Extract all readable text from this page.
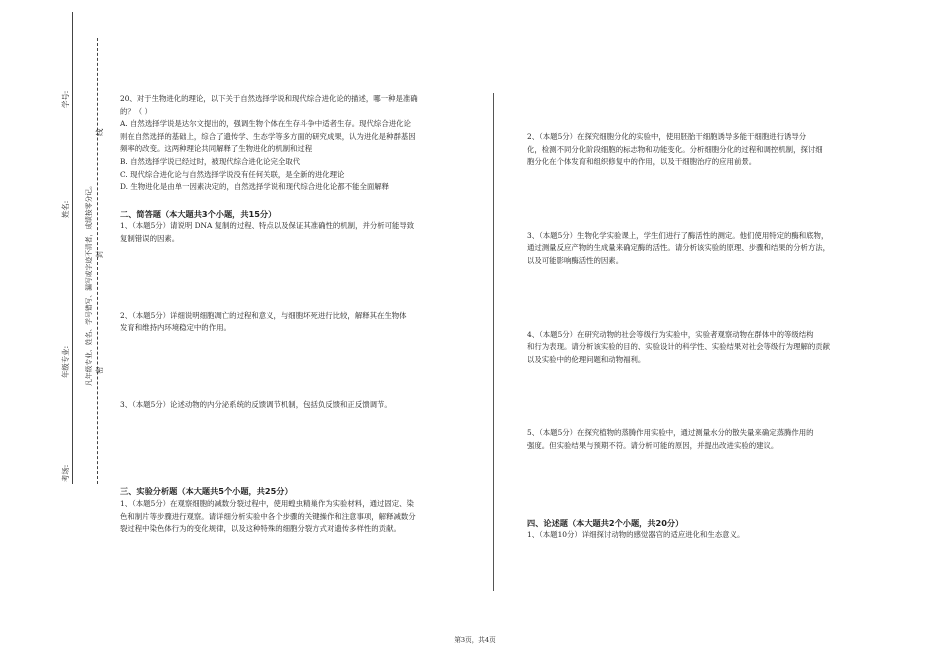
学号:
姓名:
年级专业:
考场:
凡年级专业、姓名、学号错写、漏写或字迹不清者，成绩按零分记。 密
封
线

20、对于生物进化的理论，以下关于自然选择学说和现代综合进化论的描述，哪一种是准确

的？（ ）

A. 自然选择学说是达尔文提出的，强调生物个体在生存斗争中适者生存。现代综合进化论

则在自然选择的基础上，综合了遗传学、生态学等多方面的研究成果，认为进化是种群基因

频率的改变。这两种理论共同解释了生物进化的机制和过程

B. 自然选择学说已经过时，被现代综合进化论完全取代

C. 现代综合进化论与自然选择学说没有任何关联，是全新的进化理论

D. 生物进化是由单一因素决定的，自然选择学说和现代综合进化论都不能全面解释

二、简答题（本大题共3个小题，共15分）

1、（本题5分）请说明 DNA 复制的过程、特点以及保证其准确性的机制，并分析可能导致

复制错误的因素。

2、（本题5分）详细说明细胞凋亡的过程和意义，与细胞坏死进行比较，解释其在生物体

发育和维持内环境稳定中的作用。

3、（本题5分）论述动物的内分泌系统的反馈调节机制，包括负反馈和正反馈调节。

三、实验分析题（本大题共5个小题，共25分）

1、（本题5分）在观察细胞的减数分裂过程中，使用蝗虫精巢作为实验材料，通过固定、染

色和制片等步骤进行观察。请详细分析实验中各个步骤的关键操作和注意事项，解释减数分

裂过程中染色体行为的变化规律，以及这种特殊的细胞分裂方式对遗传多样性的贡献。

2、（本题5分）在探究细胞分化的实验中，使用胚胎干细胞诱导多能干细胞进行诱导分

化，检测不同分化阶段细胞的标志物和功能变化。分析细胞分化的过程和调控机制，探讨细

胞分化在个体发育和组织修复中的作用，以及干细胞治疗的应用前景。

3、（本题5分）生物化学实验课上，学生们进行了酶活性的测定。他们使用特定的酶和底物，

通过测量反应产物的生成量来确定酶的活性。请分析该实验的原理、步骤和结果的分析方法，

以及可能影响酶活性的因素。

4、（本题5分）在研究动物的社会等级行为实验中，实验者观察动物在群体中的等级结构

和行为表现。请分析该实验的目的、实验设计的科学性、实验结果对社会等级行为理解的贡献

以及实验中的伦理问题和动物福利。

5、（本题5分）在探究植物的蒸腾作用实验中，通过测量水分的散失量来确定蒸腾作用的

强度。但实验结果与预期不符。请分析可能的原因，并提出改进实验的建议。

四、论述题（本大题共2个小题，共20分）

1、（本题10分）详细探讨动物的感觉器官的适应进化和生态意义。

第3页，共4页
